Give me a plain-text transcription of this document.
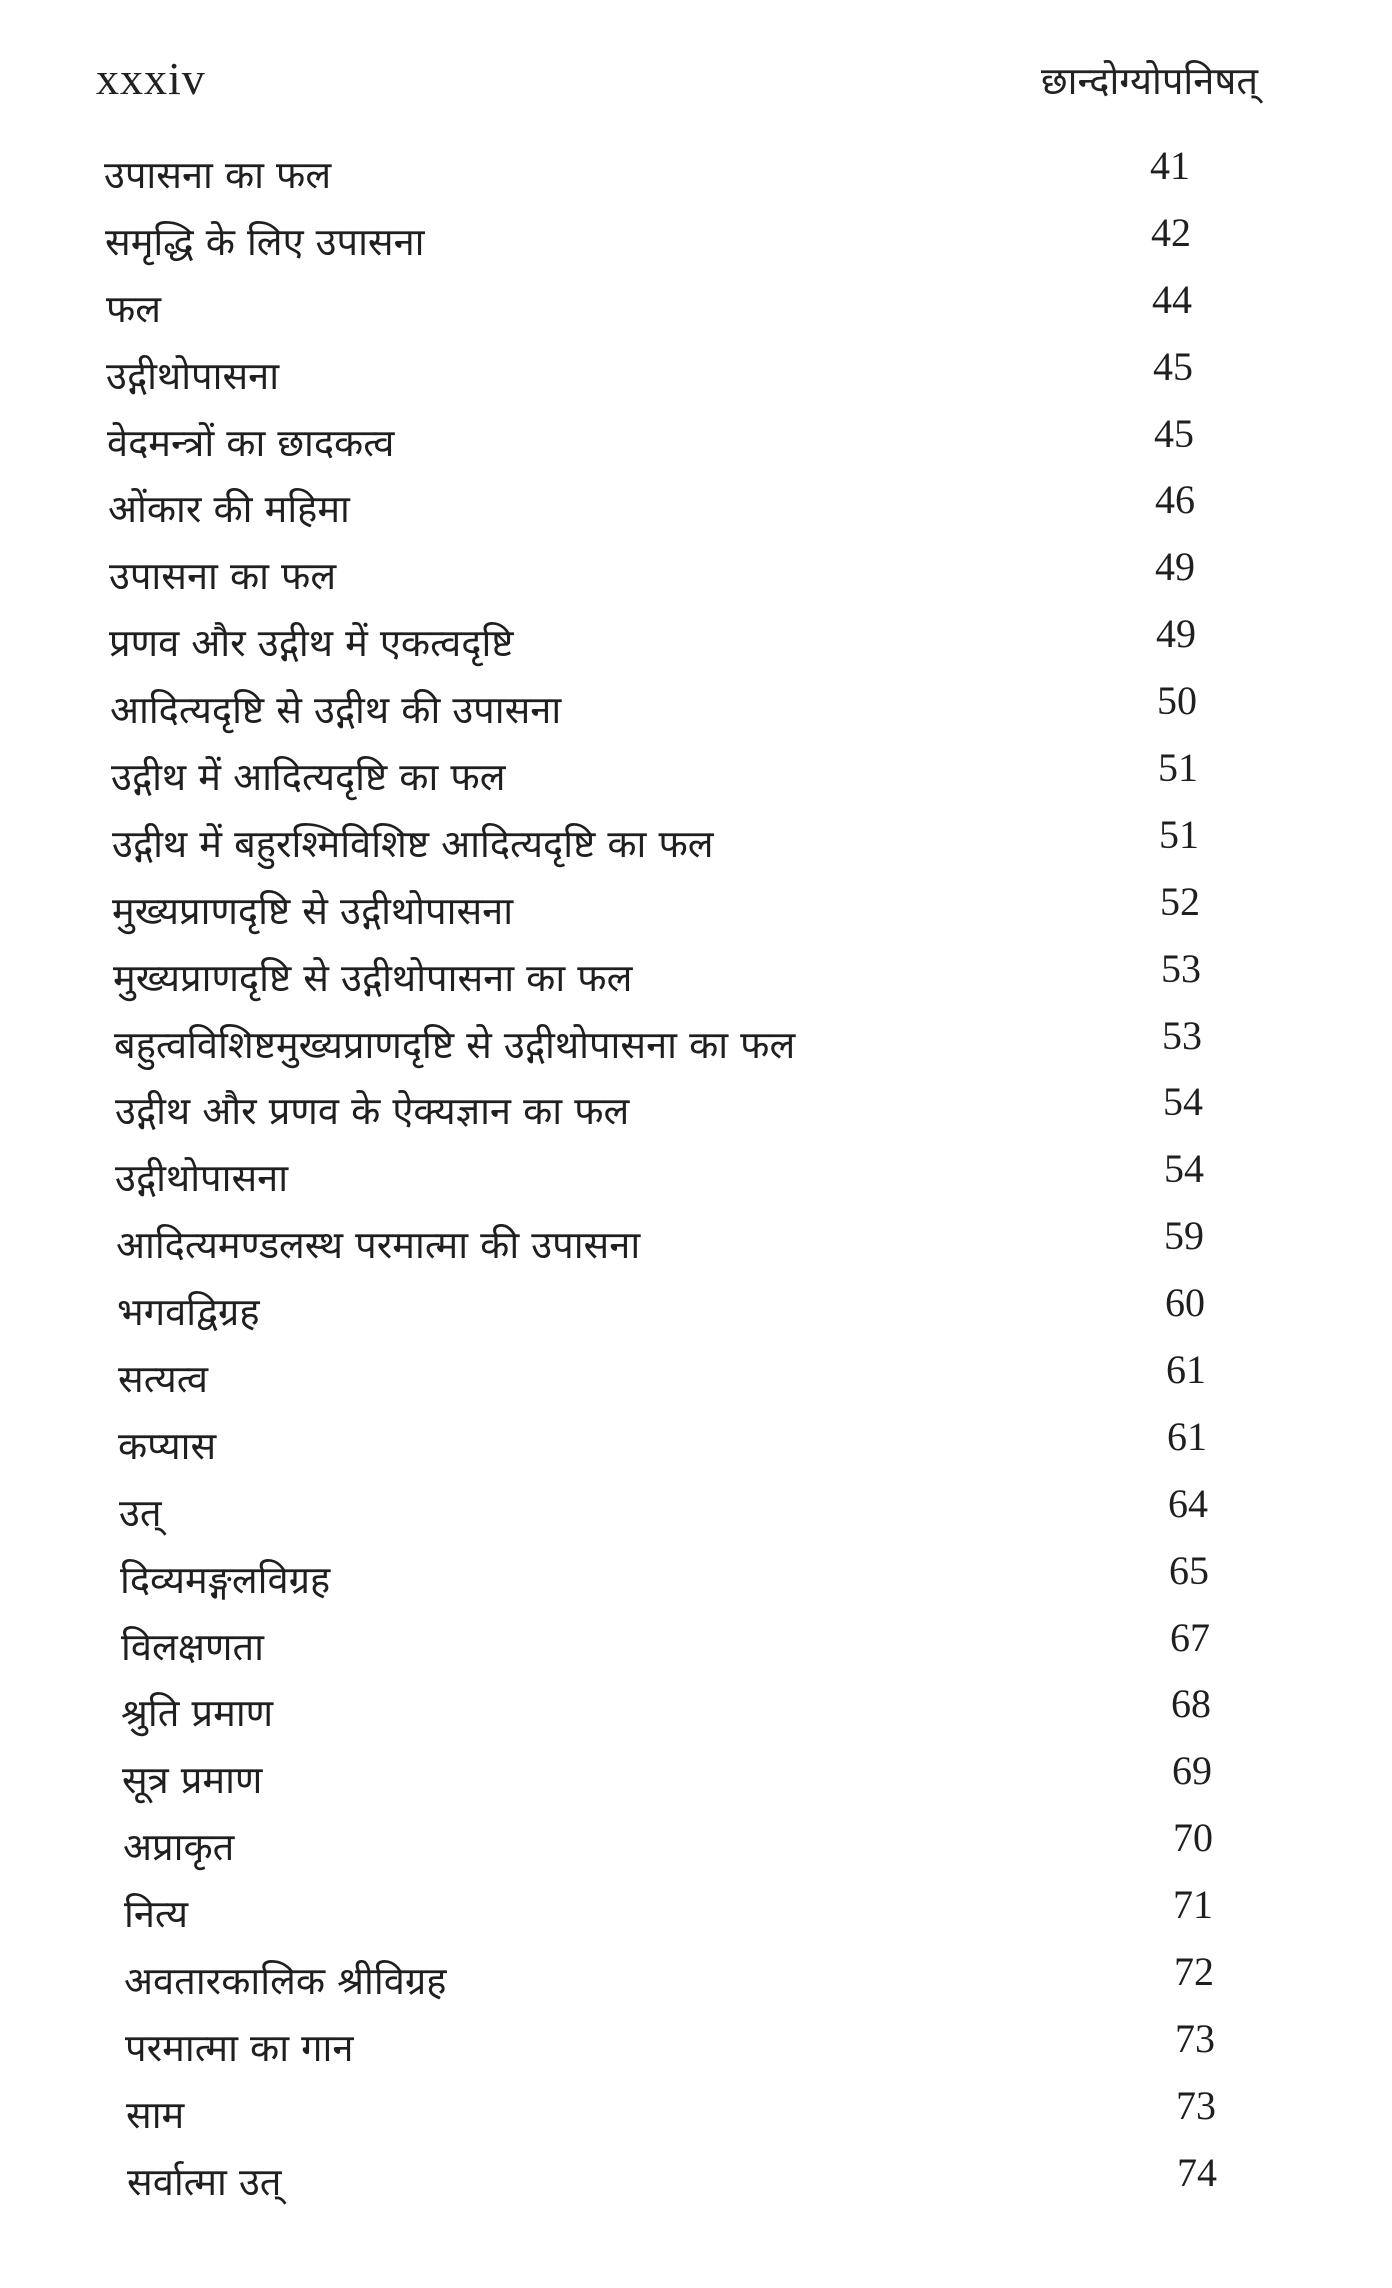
xxxiv	छान्दोग्योपनिषत्
उपासना का फल	41
समृद्धि के लिए उपासना	42
फल	44
उद्गीथोपासना	45
वेदमन्त्रों का छादकत्व	45
ओंकार की महिमा	46
उपासना का फल	49
प्रणव और उद्गीथ में एकत्वदृष्टि	49
आदित्यदृष्टि से उद्गीथ की उपासना	50
उद्गीथ में आदित्यदृष्टि का फल	51
उद्गीथ में बहुरश्मिविशिष्ट आदित्यदृष्टि का फल	51
मुख्यप्राणदृष्टि से उद्गीथोपासना	52
मुख्यप्राणदृष्टि से उद्गीथोपासना का फल	53
बहुत्वविशिष्टमुख्यप्राणदृष्टि से उद्गीथोपासना का फल	53
उद्गीथ और प्रणव के ऐक्यज्ञान का फल	54
उद्गीथोपासना	54
आदित्यमण्डलस्थ परमात्मा की उपासना	59
भगवद्विग्रह	60
सत्यत्व	61
कप्यास	61
उत्	64
दिव्यमङ्गलविग्रह	65
विलक्षणता	67
श्रुति प्रमाण	68
सूत्र प्रमाण	69
अप्राकृत	70
नित्य	71
अवतारकालिक श्रीविग्रह	72
परमात्मा का गान	73
साम	73
सर्वात्मा उत्	74
